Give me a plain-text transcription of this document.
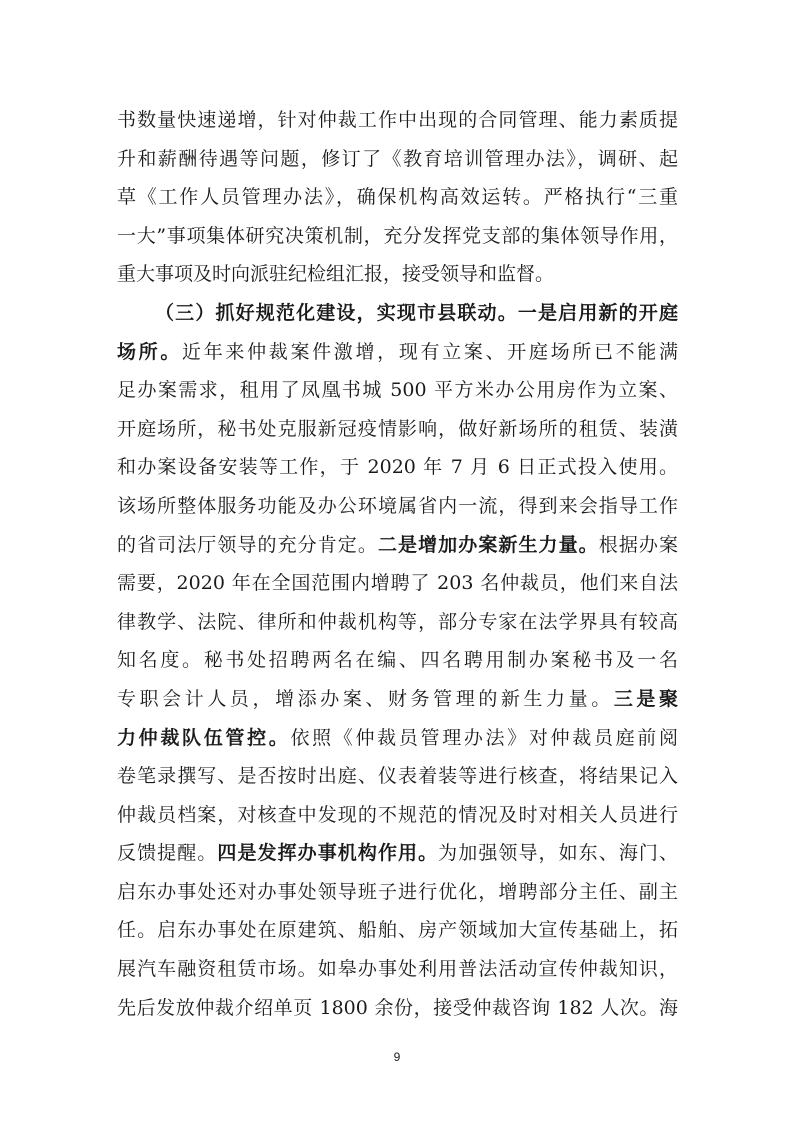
书数量快速递增，针对仲裁工作中出现的合同管理、能力素质提
升和薪酬待遇等问题，修订了《教育培训管理办法》，调研、起
草《工作人员管理办法》，确保机构高效运转。严格执行“三重
一大”事项集体研究决策机制，充分发挥党支部的集体领导作用，
重大事项及时向派驻纪检组汇报，接受领导和监督。
（三）抓好规范化建设，实现市县联动。一是启用新的开庭
场所。近年来仲裁案件激增，现有立案、开庭场所已不能满
足办案需求，租用了凤凰书城 500 平方米办公用房作为立案、
开庭场所，秘书处克服新冠疫情影响，做好新场所的租赁、装潢
和办案设备安装等工作，于 2020 年 7 月 6 日正式投入使用。
该场所整体服务功能及办公环境属省内一流，得到来会指导工作
的省司法厅领导的充分肯定。二是增加办案新生力量。根据办案
需要，2020 年在全国范围内增聘了 203 名仲裁员，他们来自法
律教学、法院、律所和仲裁机构等，部分专家在法学界具有较高
知名度。秘书处招聘两名在编、四名聘用制办案秘书及一名
专职会计人员，增添办案、财务管理的新生力量。三是聚
力仲裁队伍管控。依照《仲裁员管理办法》对仲裁员庭前阅
卷笔录撰写、是否按时出庭、仪表着装等进行核查，将结果记入
仲裁员档案，对核查中发现的不规范的情况及时对相关人员进行
反馈提醒。四是发挥办事机构作用。为加强领导，如东、海门、
启东办事处还对办事处领导班子进行优化，增聘部分主任、副主
任。启东办事处在原建筑、船舶、房产领域加大宣传基础上，拓
展汽车融资租赁市场。如皋办事处利用普法活动宣传仲裁知识，
先后发放仲裁介绍单页 1800 余份，接受仲裁咨询 182 人次。海
9
